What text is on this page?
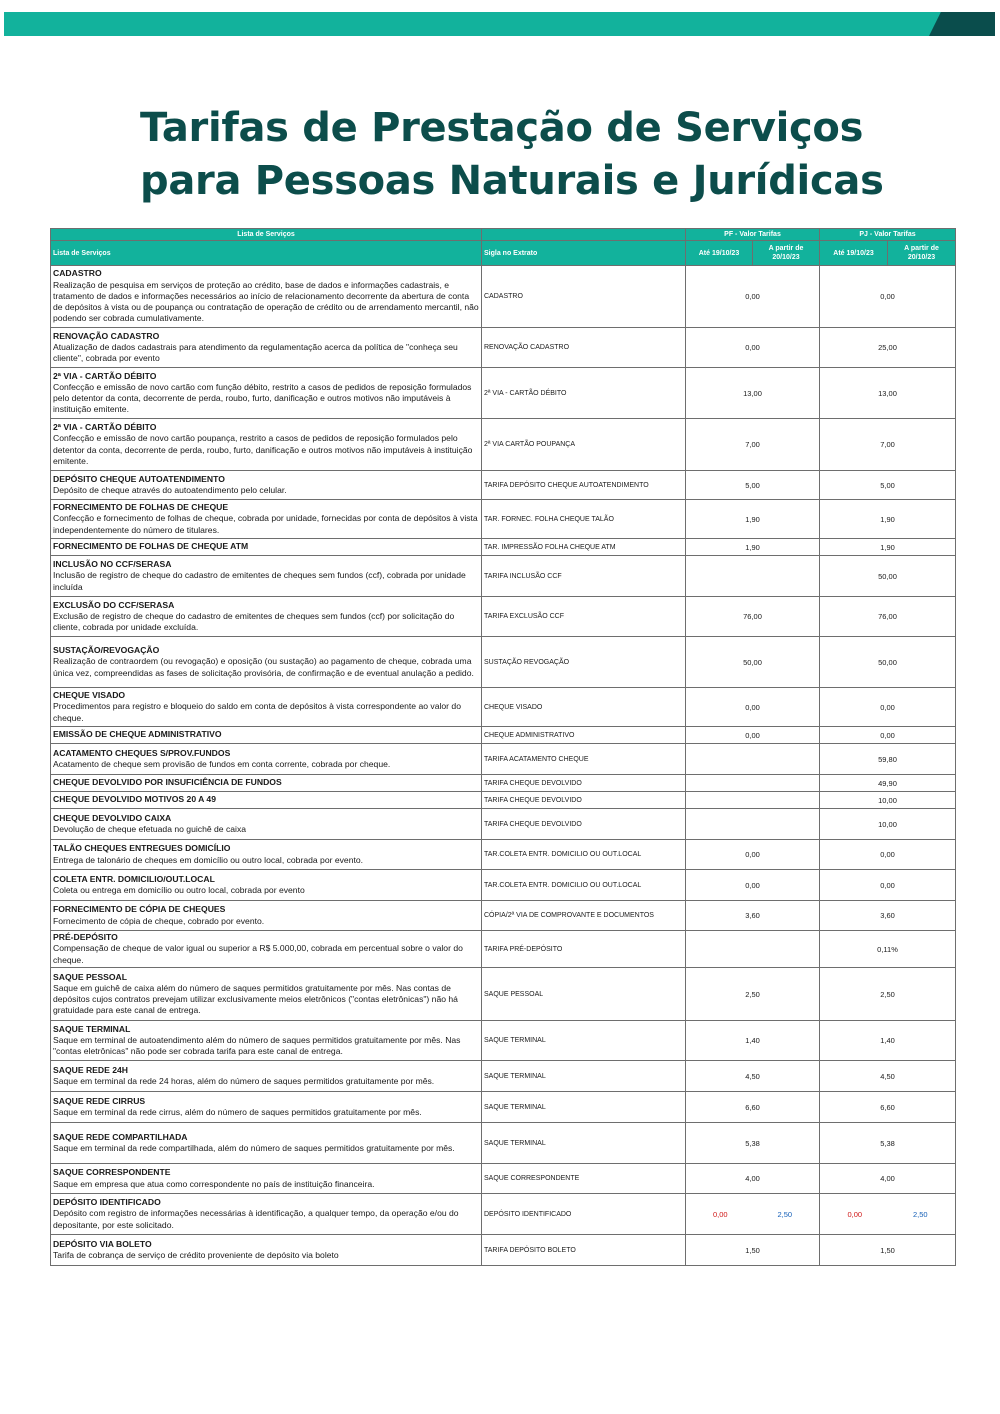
Tarifas de Prestação de Serviços
para Pessoas Naturais e Jurídicas
Lista de Serviços		PF - Valor Tarifas		PJ - Valor Tarifas	
Lista de Serviços	Sigla no Extrato	Até 19/10/23	A partir de 20/10/23	Até 19/10/23	A partir de 20/10/23

CADASTRO
Realização de pesquisa em serviços de proteção ao crédito, base de dados e informações cadastrais, e tratamento de dados e informações necessários ao início de relacionamento decorrente da abertura de conta de depósitos à vista ou de poupança ou contratação de operação de crédito ou de arrendamento mercantil, não podendo ser cobrada cumulativamente.	CADASTRO	0,00		0,00	

RENOVAÇÃO CADASTRO
Atualização de dados cadastrais para atendimento da regulamentação acerca da política de "conheça seu cliente", cobrada por evento	RENOVAÇÃO CADASTRO	0,00		25,00	

2ª VIA - CARTÃO DÉBITO
Confecção e emissão de novo cartão com função débito, restrito a casos de pedidos de reposição formulados pelo detentor da conta, decorrente de perda, roubo, furto, danificação e outros motivos não imputáveis à instituição emitente.	2ª VIA - CARTÃO DÉBITO	13,00		13,00	

2ª VIA - CARTÃO DÉBITO
Confecção e emissão de novo cartão poupança, restrito a casos de pedidos de reposição formulados pelo detentor da conta, decorrente de perda, roubo, furto, danificação e outros motivos não imputáveis à instituição emitente.	2ª VIA CARTÃO POUPANÇA	7,00		7,00	

DEPÓSITO CHEQUE AUTOATENDIMENTO
Depósito de cheque através do autoatendimento pelo celular.	TARIFA DEPÓSITO CHEQUE AUTOATENDIMENTO	5,00		5,00	

FORNECIMENTO DE FOLHAS DE CHEQUE
Confecção e fornecimento de folhas de cheque, cobrada por unidade, fornecidas por conta de depósitos à vista independentemente do número de titulares.	TAR. FORNEC. FOLHA CHEQUE TALÃO	1,90		1,90	

FORNECIMENTO DE FOLHAS DE CHEQUE ATM	TAR. IMPRESSÃO FOLHA CHEQUE ATM	1,90		1,90	

INCLUSÃO NO CCF/SERASA
Inclusão de registro de cheque do cadastro de emitentes de cheques sem fundos (ccf), cobrada por unidade incluída	TARIFA INCLUSÃO CCF			50,00	

EXCLUSÃO DO CCF/SERASA
Exclusão de registro de cheque do cadastro de emitentes de cheques sem fundos (ccf) por solicitação do cliente, cobrada por unidade excluída.	TARIFA EXCLUSÃO CCF	76,00		76,00	

SUSTAÇÃO/REVOGAÇÃO
Realização de contraordem (ou revogação) e oposição (ou sustação) ao pagamento de cheque, cobrada uma única vez, compreendidas as fases de solicitação provisória, de confirmação e de eventual anulação a pedido.	SUSTAÇÃO REVOGAÇÃO	50,00		50,00	

CHEQUE VISADO
Procedimentos para registro e bloqueio do saldo em conta de depósitos à vista correspondente ao valor do cheque.	CHEQUE VISADO	0,00		0,00	

EMISSÃO DE CHEQUE ADMINISTRATIVO	CHEQUE ADMINISTRATIVO	0,00		0,00	

ACATAMENTO CHEQUES S/PROV.FUNDOS
Acatamento de cheque sem provisão de fundos em conta corrente, cobrada por cheque.	TARIFA ACATAMENTO CHEQUE			59,80	

CHEQUE DEVOLVIDO POR INSUFICIÊNCIA DE FUNDOS	TARIFA CHEQUE DEVOLVIDO			49,90	

CHEQUE DEVOLVIDO MOTIVOS 20 A 49	TARIFA CHEQUE DEVOLVIDO			10,00	

CHEQUE DEVOLVIDO CAIXA
Devolução de cheque efetuada no guichê de caixa	TARIFA CHEQUE DEVOLVIDO			10,00	

TALÃO CHEQUES ENTREGUES DOMICÍLIO
Entrega de talonário de cheques em domicílio ou outro local, cobrada por evento.	TAR.COLETA ENTR. DOMICILIO OU OUT.LOCAL	0,00		0,00	

COLETA ENTR. DOMICILIO/OUT.LOCAL
Coleta ou entrega em domicílio ou outro local, cobrada por evento	TAR.COLETA ENTR. DOMICILIO OU OUT.LOCAL	0,00		0,00	

FORNECIMENTO DE CÓPIA DE CHEQUES
Fornecimento de cópia de cheque, cobrado por evento.	CÓPIA/2ª VIA DE COMPROVANTE E DOCUMENTOS	3,60		3,60	

PRÉ-DEPÓSITO
Compensação de cheque de valor igual ou superior a R$ 5.000,00, cobrada em percentual sobre o valor do cheque.	TARIFA PRÉ-DEPÓSITO			0,11%	

SAQUE PESSOAL
Saque em guichê de caixa além do número de saques permitidos gratuitamente por mês. Nas contas de depósitos cujos contratos prevejam utilizar exclusivamente meios eletrônicos ("contas eletrônicas") não há gratuidade para este canal de entrega.	SAQUE PESSOAL	2,50		2,50	

SAQUE TERMINAL
Saque em terminal de autoatendimento além do número de saques permitidos gratuitamente por mês. Nas "contas eletrônicas" não pode ser cobrada tarifa para este canal de entrega.	SAQUE TERMINAL	1,40		1,40	

SAQUE REDE 24H
Saque em terminal da rede 24 horas, além do número de saques permitidos gratuitamente por mês.	SAQUE TERMINAL	4,50		4,50	

SAQUE REDE CIRRUS
Saque em terminal da rede cirrus, além do número de saques permitidos gratuitamente por mês.	SAQUE TERMINAL	6,60		6,60	

SAQUE REDE COMPARTILHADA
Saque em terminal da rede compartilhada, além do número de saques permitidos gratuitamente por mês.	SAQUE TERMINAL	5,38		5,38	

SAQUE CORRESPONDENTE
Saque em empresa que atua como correspondente no país de instituição financeira.	SAQUE CORRESPONDENTE	4,00		4,00	

DEPÓSITO IDENTIFICADO
Depósito com registro de informações necessárias à identificação, a qualquer tempo, da operação e/ou do depositante, por este solicitado.	DEPÓSITO IDENTIFICADO	0,00 2,50		0,00 2,50	

DEPÓSITO VIA BOLETO
Tarifa de cobrança de serviço de crédito proveniente de depósito via boleto	TARIFA DEPÓSITO BOLETO	1,50		1,50	
